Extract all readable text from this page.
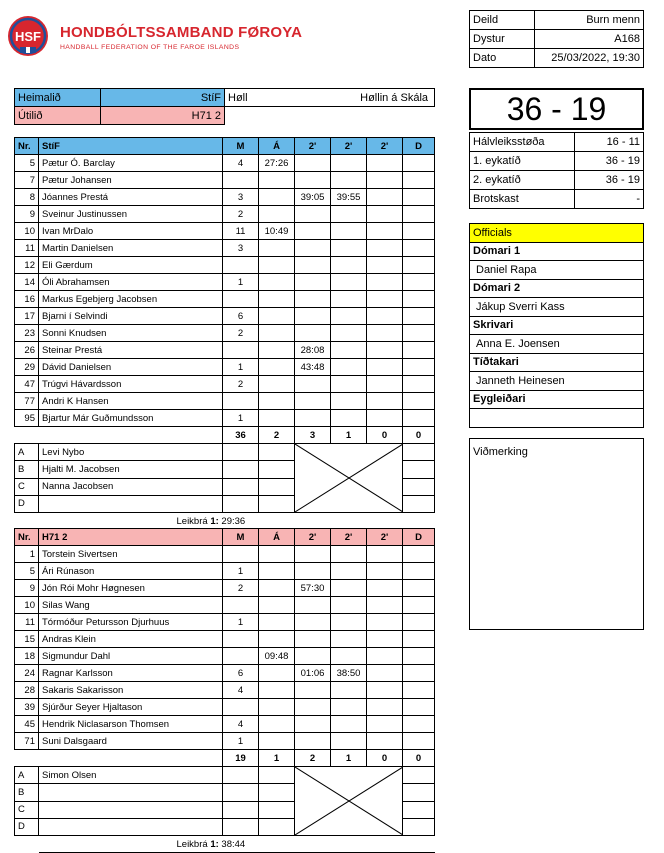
HSF HONDBÓLTSSAMBAND FØROYA
HANDBALL FEDERATION OF THE FAROE ISLANDS
Deild	Burn menn
Dystur	A168
Dato	25/03/2022, 19:30
Heimalið	StíF	Høll Høllin á Skála

Útilið	H71 2		36 - 19
Hálvleiksstøða	16 - 11
1. eykatíð	36 - 19
2. eykatíð	36 - 19
Brotskast	-
Officials
Dómari 1
Daniel Rapa
Dómari 2
Jákup Sverri Kass
Skrivari
Anna E. Joensen
Tíðtakari
Janneth Heinesen
Eygleiðari

Viðmerking
Nr.	StíF	M	Á	2'	2'	2'	D
5	Pætur Ó. Barclay	4	27:26				
7	Pætur Johansen						
8	Jóannes Prestá	3		39:05	39:55		
9	Sveinur Justinussen	2					
10	Ivan MrDalo	11	10:49				
11	Martin Danielsen	3					
12	Eli Gærdum						
14	Óli Abrahamsen	1					
16	Markus Egebjerg Jacobsen						
17	Bjarni í Selvindi	6					
23	Sonni Knudsen	2					
26	Steinar Prestá			28:08			
29	Dávid Danielsen	1		43:48			
47	Trúgvi Hávardsson	2					
77	Andri K Hansen						
95	Bjartur Már Guðmundsson	1					
		36	2	3	1	0	0
A	Levi Nybo			

B	Hjalti M. Jacobsen						
C	Nanna Jacobsen						
D							
	Leikbrá 1: 29:36						
Nr.	H71 2	M	Á	2'	2'	2'	D
1	Torstein Sivertsen						
5	Ári Rúnason	1					
9	Jón Rói Mohr Høgnesen	2		57:30			
10	Silas Wang						
11	Tórmóður Petursson Djurhuus	1					
15	Andras Klein						
18	Sigmundur Dahl		09:48				
24	Ragnar Karlsson	6		01:06	38:50		
28	Sakaris Sakarisson	4					
39	Sjúrður Seyer Hjaltason						
45	Hendrik Niclasarson Thomsen	4					
71	Suni Dalsgaard	1					
		19	1	2	1	0	0
A	Simon Olsen			

B							
C							
D							
	Leikbrá 1: 38:44						
